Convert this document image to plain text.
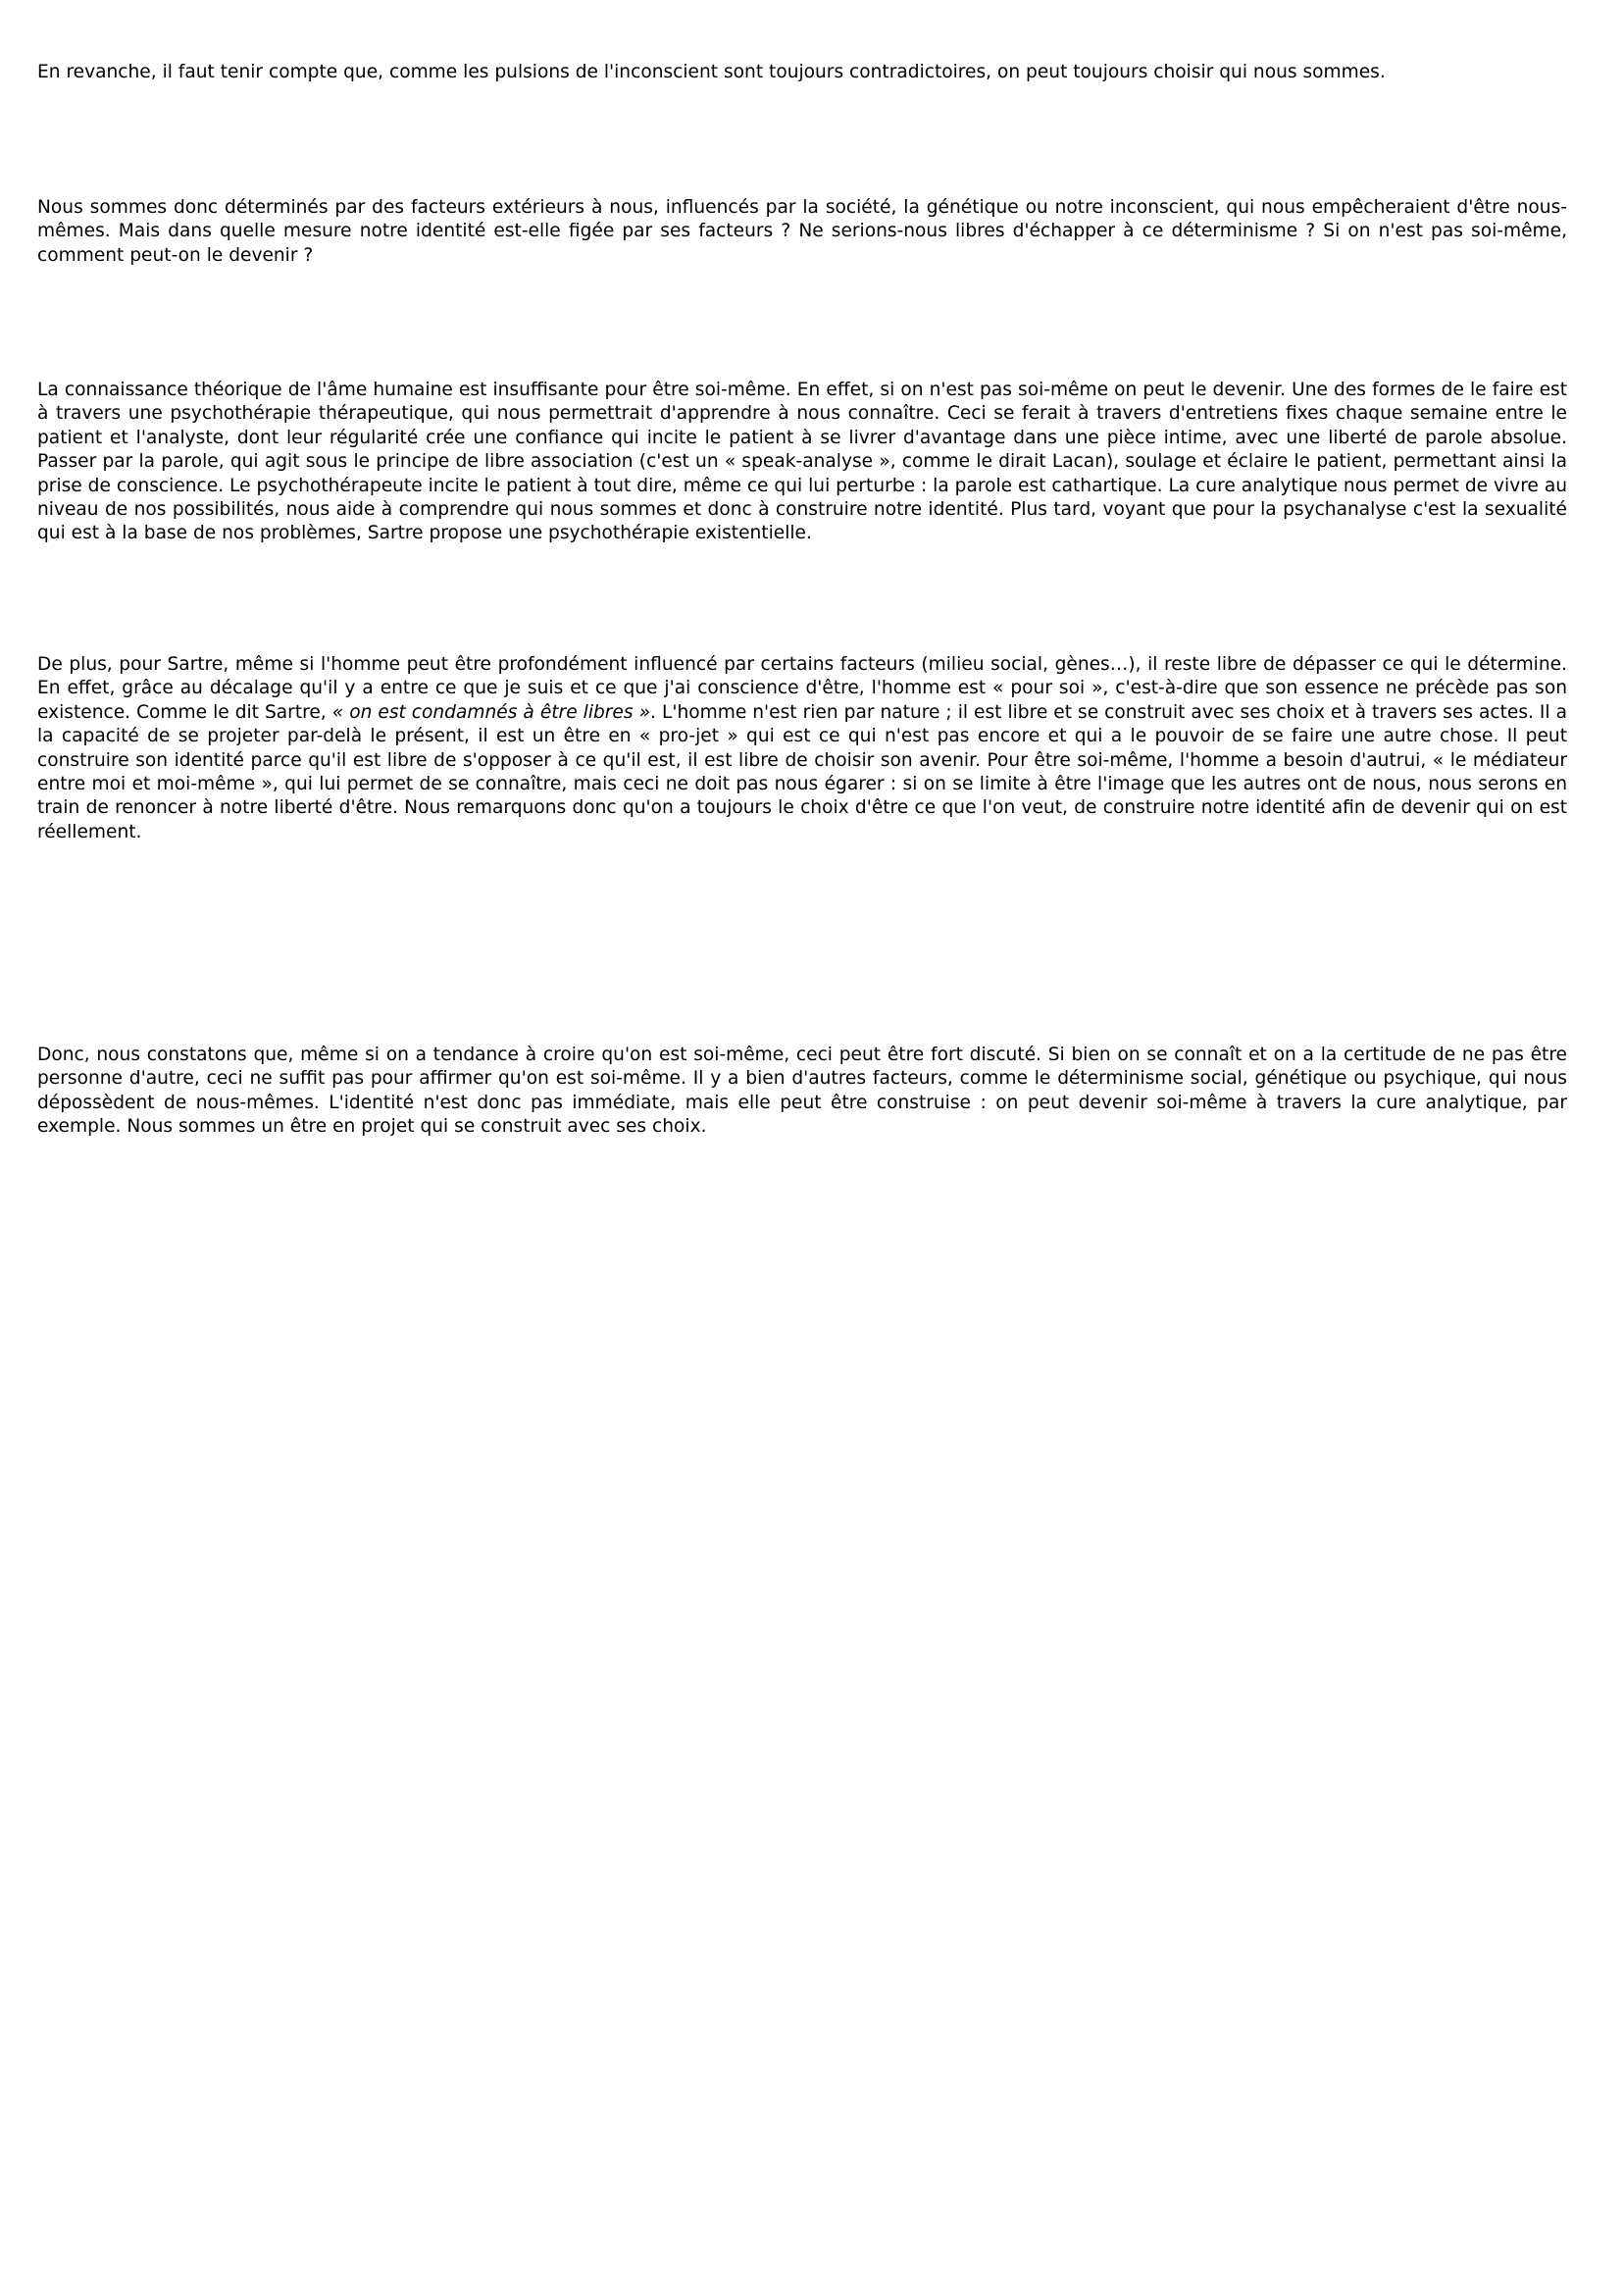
En revanche, il faut tenir compte que, comme les pulsions de l'inconscient sont toujours contradictoires, on peut toujours choisir qui nous sommes.

Nous sommes donc déterminés par des facteurs extérieurs à nous, influencés par la société, la génétique ou notre inconscient, qui nous empêcheraient d'être nous-mêmes. Mais dans quelle mesure notre identité est-elle figée par ses facteurs ? Ne serions-nous libres d'échapper à ce déterminisme ? Si on n'est pas soi-même, comment peut-on le devenir ?

La connaissance théorique de l'âme humaine est insuffisante pour être soi-même. En effet, si on n'est pas soi-même on peut le devenir. Une des formes de le faire est à travers une psychothérapie thérapeutique, qui nous permettrait d'apprendre à nous connaître. Ceci se ferait à travers d'entretiens fixes chaque semaine entre le patient et l'analyste, dont leur régularité crée une confiance qui incite le patient à se livrer d'avantage dans une pièce intime, avec une liberté de parole absolue. Passer par la parole, qui agit sous le principe de libre association (c'est un « speak-analyse », comme le dirait Lacan), soulage et éclaire le patient, permettant ainsi la prise de conscience. Le psychothérapeute incite le patient à tout dire, même ce qui lui perturbe : la parole est cathartique. La cure analytique nous permet de vivre au niveau de nos possibilités, nous aide à comprendre qui nous sommes et donc à construire notre identité. Plus tard, voyant que pour la psychanalyse c'est la sexualité qui est à la base de nos problèmes, Sartre propose une psychothérapie existentielle.

De plus, pour Sartre, même si l'homme peut être profondément influencé par certains facteurs (milieu social, gènes…), il reste libre de dépasser ce qui le détermine. En effet, grâce au décalage qu'il y a entre ce que je suis et ce que j'ai conscience d'être, l'homme est « pour soi », c'est-à-dire que son essence ne précède pas son existence. Comme le dit Sartre, « on est condamnés à être libres ». L'homme n'est rien par nature ; il est libre et se construit avec ses choix et à travers ses actes. Il a la capacité de se projeter par-delà le présent, il est un être en « pro-jet » qui est ce qui n'est pas encore et qui a le pouvoir de se faire une autre chose. Il peut construire son identité parce qu'il est libre de s'opposer à ce qu'il est, il est libre de choisir son avenir. Pour être soi-même, l'homme a besoin d'autrui, « le médiateur entre moi et moi-même », qui lui permet de se connaître, mais ceci ne doit pas nous égarer : si on se limite à être l'image que les autres ont de nous, nous serons en train de renoncer à notre liberté d'être. Nous remarquons donc qu'on a toujours le choix d'être ce que l'on veut, de construire notre identité afin de devenir qui on est réellement.

Donc, nous constatons que, même si on a tendance à croire qu'on est soi-même, ceci peut être fort discuté. Si bien on se connaît et on a la certitude de ne pas être personne d'autre, ceci ne suffit pas pour affirmer qu'on est soi-même. Il y a bien d'autres facteurs, comme le déterminisme social, génétique ou psychique, qui nous dépossèdent de nous-mêmes. L'identité n'est donc pas immédiate, mais elle peut être construise : on peut devenir soi-même à travers la cure analytique, par exemple. Nous sommes un être en projet qui se construit avec ses choix.
